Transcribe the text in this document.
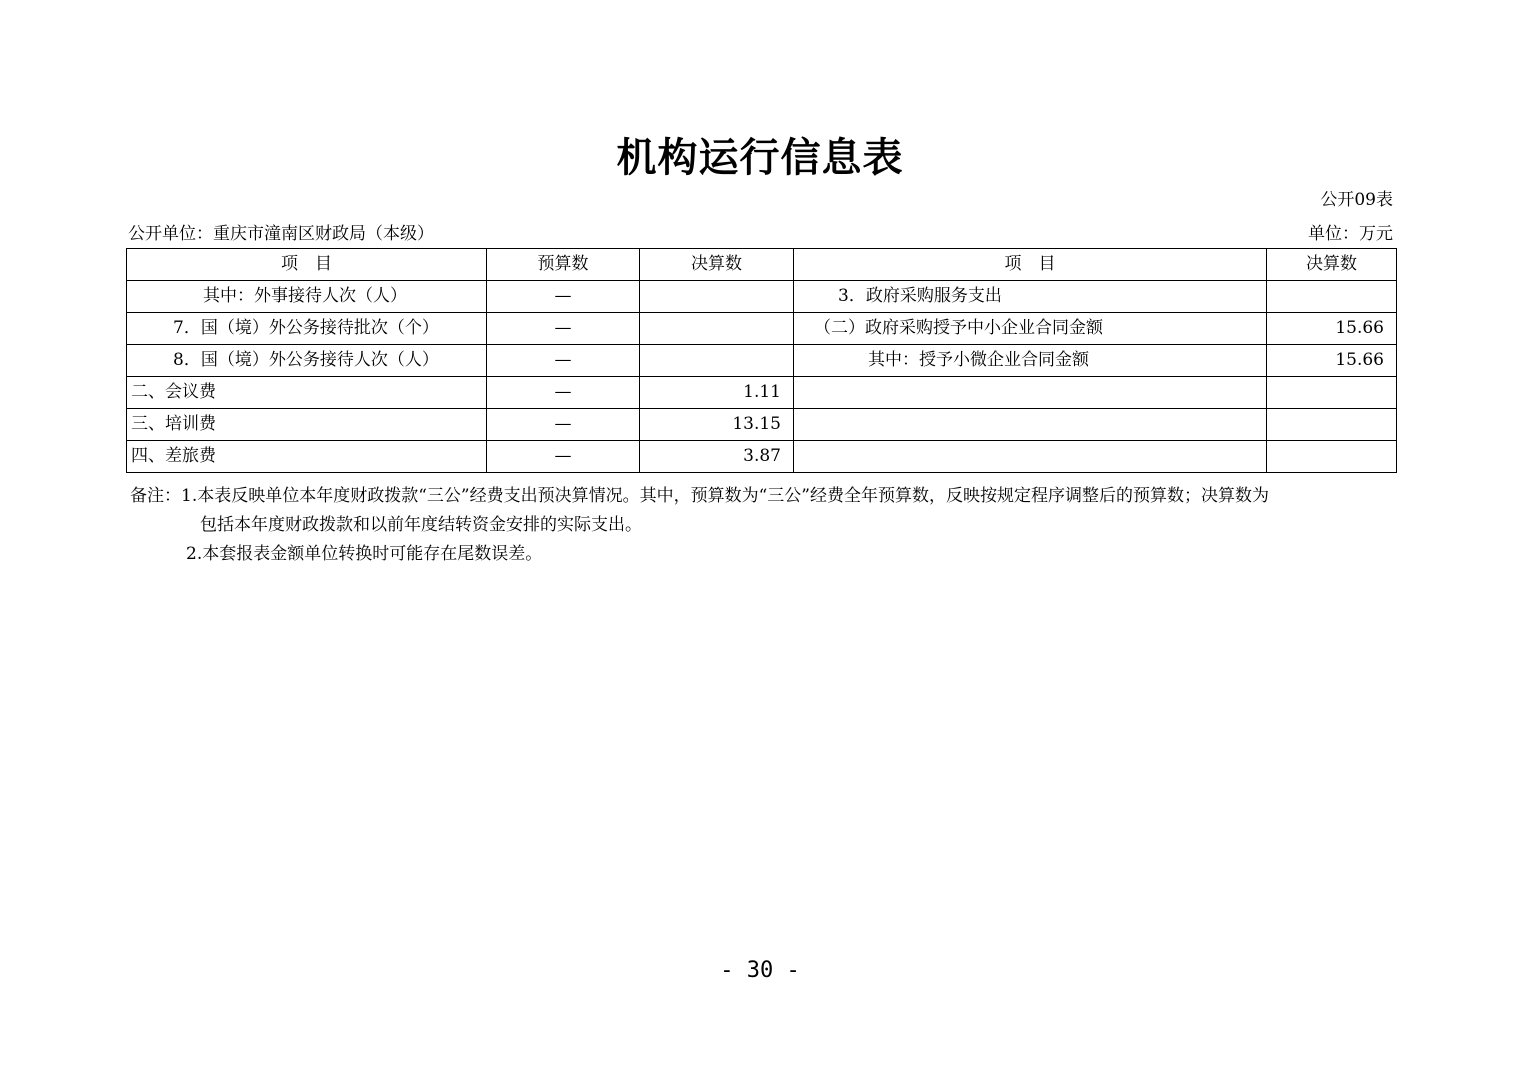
机构运行信息表
公开09表
公开单位：重庆市潼南区财政局（本级）	单位：万元
项　目	预算数	决算数	项　目	决算数
其中：外事接待人次（人）	—		3．政府采购服务支出	
7．国（境）外公务接待批次（个）	—		（二）政府采购授予中小企业合同金额	15.66
8．国（境）外公务接待人次（人）	—		其中：授予小微企业合同金额	15.66
二、会议费	—	1.11		
三、培训费	—	13.15		
四、差旅费	—	3.87		
备注：1.本表反映单位本年度财政拨款“三公”经费支出预决算情况。其中，预算数为“三公”经费全年预算数，反映按规定程序调整后的预算数；决算数为
包括本年度财政拨款和以前年度结转资金安排的实际支出。
2.本套报表金额单位转换时可能存在尾数误差。
- 30 -
